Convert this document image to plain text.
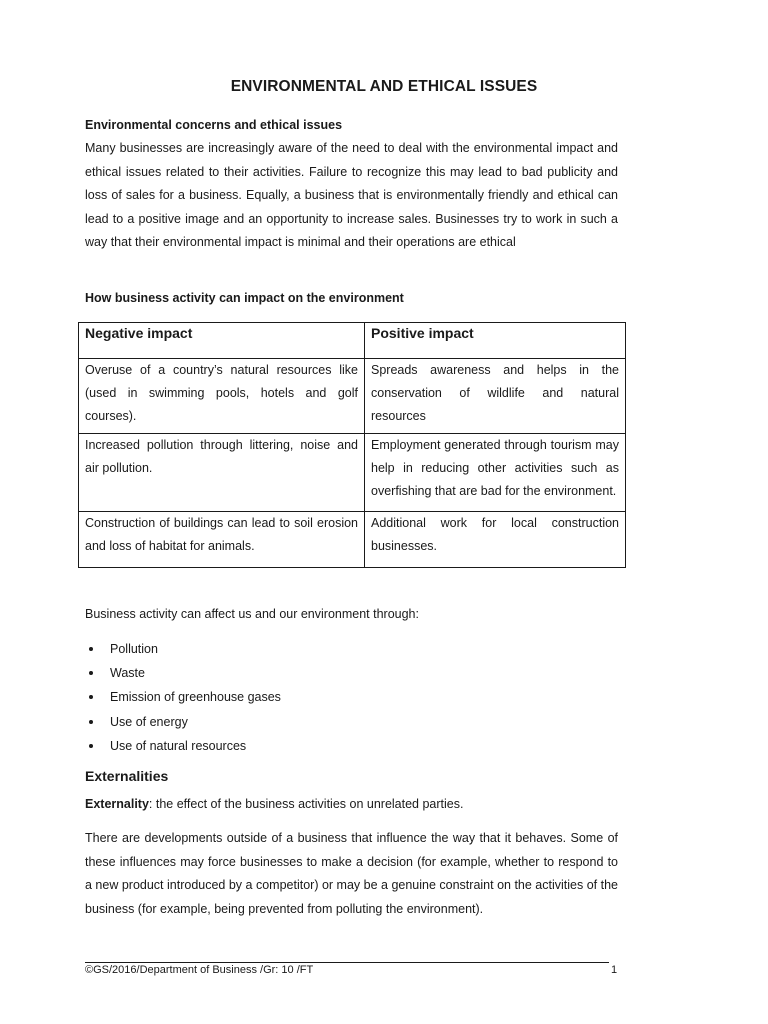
ENVIRONMENTAL AND ETHICAL ISSUES
Environmental concerns and ethical issues

Many businesses are increasingly aware of the need to deal with the environmental impact and ethical issues related to their activities. Failure to recognize this may lead to bad publicity and loss of sales for a business. Equally, a business that is environmentally friendly and ethical can lead to a positive image and an opportunity to increase sales. Businesses try to work in such a way that their environmental impact is minimal and their operations are ethical

How business activity can impact on the environment
Negative impact	Positive impact
Overuse of a country’s natural resources like (used in swimming pools, hotels and golf courses).	Spreads awareness and helps in the conservation of wildlife and natural resources
Increased pollution through littering, noise and air pollution.	Employment generated through tourism may help in reducing other activities such as overfishing that are bad for the environment.
Construction of buildings can lead to soil erosion and loss of habitat for animals.	Additional work for local construction businesses.

Business activity can affect us and our environment through:

Pollution
Waste
Emission of greenhouse gases
Use of energy
Use of natural resources
Externalities

Externality: the effect of the business activities on unrelated parties.

There are developments outside of a business that influence the way that it behaves. Some of these influences may force businesses to make a decision (for example, whether to respond to a new product introduced by a competitor) or may be a genuine constraint on the activities of the business (for example, being prevented from polluting the environment).

©GS/2016/Department of Business /Gr: 10 /FT	1
